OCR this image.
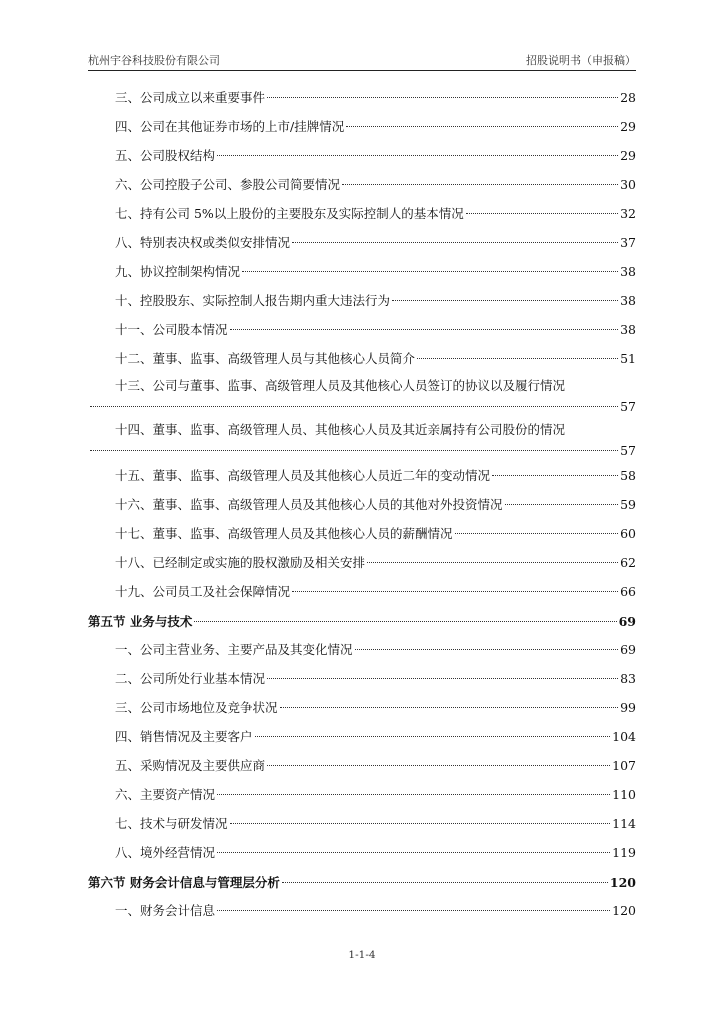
杭州宇谷科技股份有限公司	招股说明书（申报稿）
三、公司成立以来重要事件	28
四、公司在其他证券市场的上市/挂牌情况	29
五、公司股权结构	29
六、公司控股子公司、参股公司简要情况	30
七、持有公司 5%以上股份的主要股东及实际控制人的基本情况	32
八、特别表决权或类似安排情况	37
九、协议控制架构情况	38
十、控股股东、实际控制人报告期内重大违法行为	38
十一、公司股本情况	38
十二、董事、监事、高级管理人员与其他核心人员简介	51
十三、公司与董事、监事、高级管理人员及其他核心人员签订的协议以及履行情况
57
十四、董事、监事、高级管理人员、其他核心人员及其近亲属持有公司股份的情况
57
十五、董事、监事、高级管理人员及其他核心人员近二年的变动情况	58
十六、董事、监事、高级管理人员及其他核心人员的其他对外投资情况	59
十七、董事、监事、高级管理人员及其他核心人员的薪酬情况	60
十八、已经制定或实施的股权激励及相关安排	62
十九、公司员工及社会保障情况	66
第五节 业务与技术	69
一、公司主营业务、主要产品及其变化情况	69
二、公司所处行业基本情况	83
三、公司市场地位及竞争状况	99
四、销售情况及主要客户	104
五、采购情况及主要供应商	107
六、主要资产情况	110
七、技术与研发情况	114
八、境外经营情况	119
第六节 财务会计信息与管理层分析	120
一、财务会计信息	120
1-1-4
